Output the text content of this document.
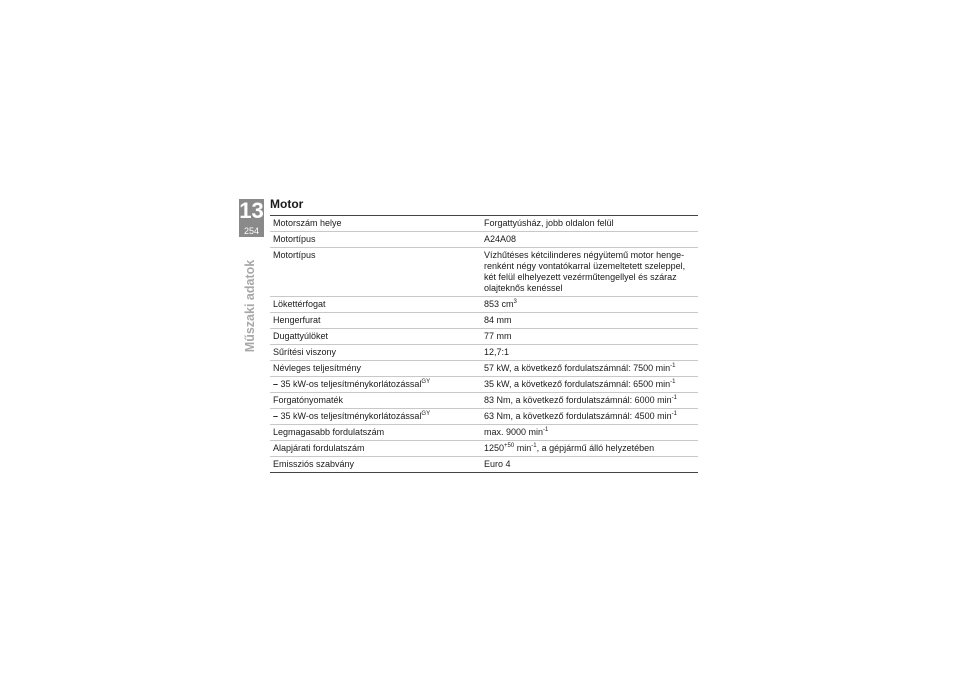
13
254
Műszaki adatok
Motor
Motorszám helye	Forgattyúsház, jobb oldalon felül
Motortípus	A24A08
Motortípus	Vízhűtéses kétcilinderes négyütemű motor henge-renként négy vontatókarral üzemeltetett szeleppel, két felül elhelyezett vezérműtengellyel és száraz olajteknős kenéssel
Lökettérfogat	853 $cm^3$
Hengerfurat	84 mm
Dugattyúlöket	77 mm
Sűrítési viszony	12,7:1
Névleges teljesítmény	57 kW, a következő fordulatszámnál: 7500 $\min^{-1}$
– 35 kW-os teljesítménykorlátozással$^{GY}$	35 kW, a következő fordulatszámnál: 6500 $\min^{-1}$
Forgatónyomaték	83 Nm, a következő fordulatszámnál: 6000 $\min^{-1}$
– 35 kW-os teljesítménykorlátozással$^{GY}$	63 Nm, a következő fordulatszámnál: 4500 $\min^{-1}$
Legmagasabb fordulatszám	max. 9000 $\min^{-1}$
Alapjárati fordulatszám	$1250^{+50}$ $\min^{-1}$, a gépjármű álló helyzetében
Emissziós szabvány	Euro 4
